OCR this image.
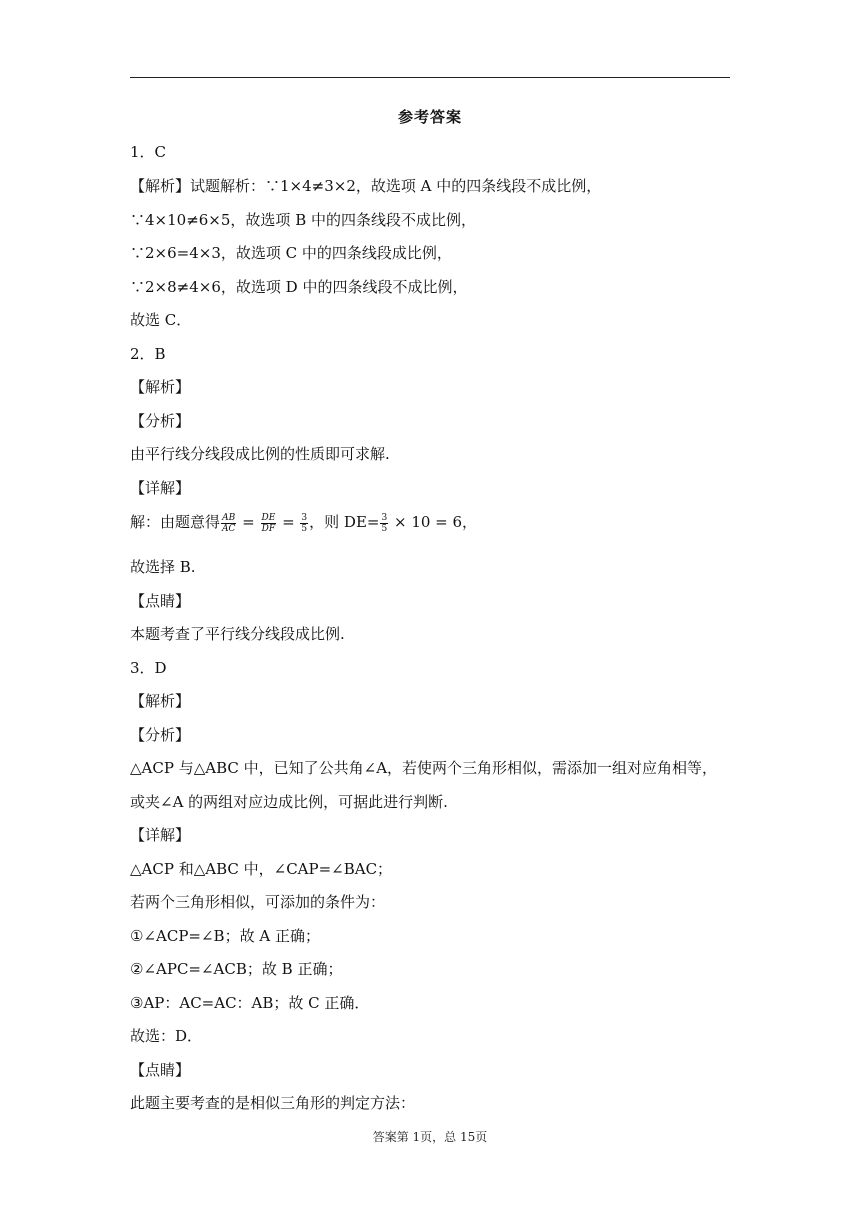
参考答案
1．C
【解析】试题解析：∵1×4≠3×2，故选项 A 中的四条线段不成比例，
∵4×10≠6×5，故选项 B 中的四条线段不成比例，
∵2×6=4×3，故选项 C 中的四条线段成比例，
∵2×8≠4×6，故选项 D 中的四条线段不成比例，
故选 C．
2．B
【解析】
【分析】
由平行线分线段成比例的性质即可求解.
【详解】
故选择 B.
【点睛】
本题考查了平行线分线段成比例.
3．D
【解析】
【分析】
△ACP 与△ABC 中，已知了公共角∠A，若使两个三角形相似，需添加一组对应角相等，
或夹∠A 的两组对应边成比例，可据此进行判断.
【详解】
△ACP 和△ABC 中，∠CAP=∠BAC；
若两个三角形相似，可添加的条件为：
①∠ACP=∠B；故 A 正确；
②∠APC=∠ACB；故 B 正确；
③AP：AC=AC：AB；故 C 正确．
故选：D．
【点睛】
此题主要考查的是相似三角形的判定方法：
解：由题意得 $\frac{AB}{AC} = \frac{DE}{DF} = \frac{3}{5}$ ，则 $DE= \frac{3}{5} \times 10 = 6$，
答案第 1页，总 15页
